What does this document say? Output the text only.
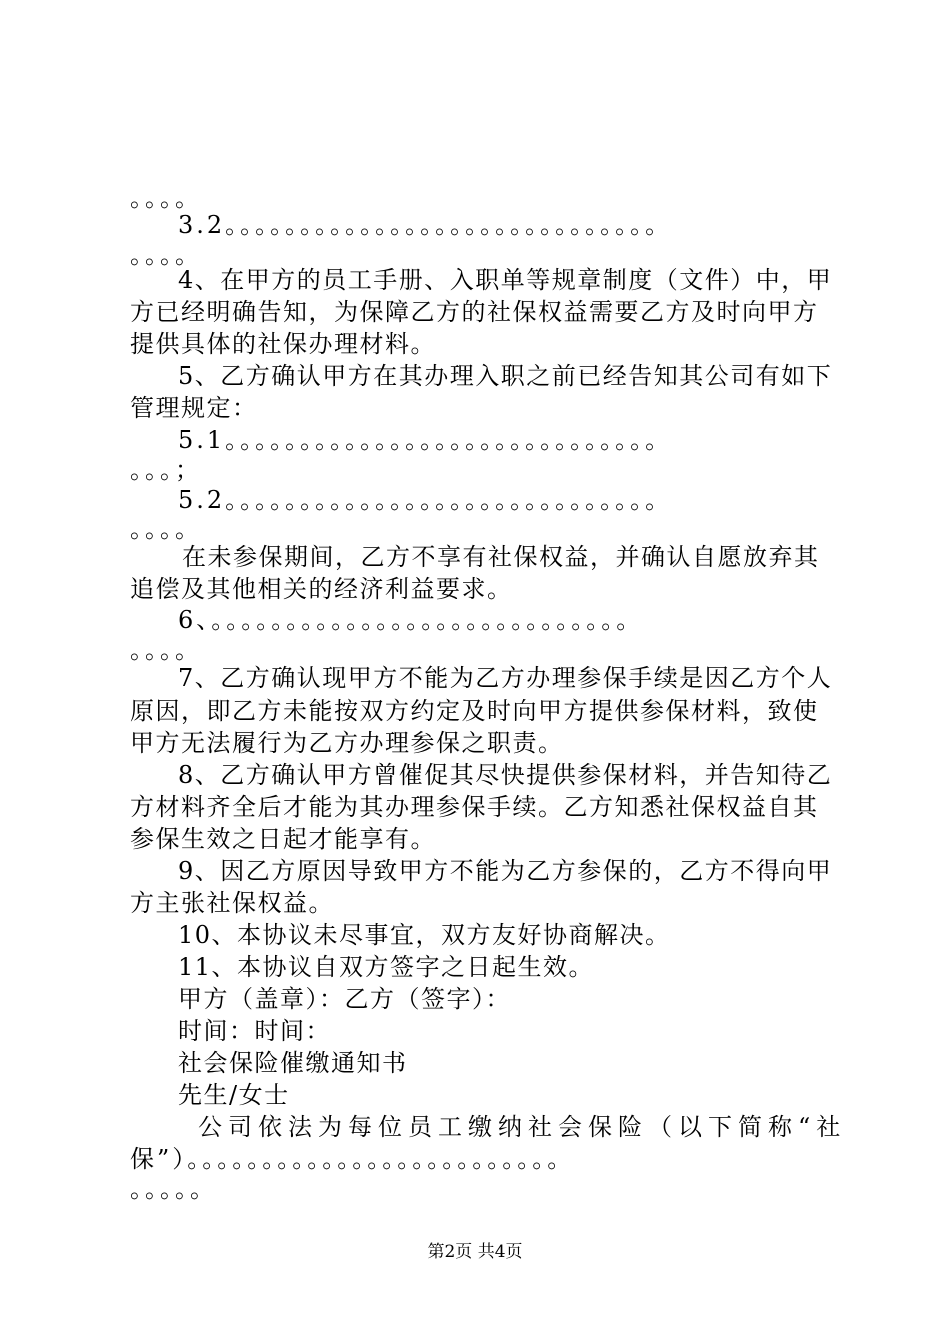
。。。。
3.2。。。。。。。。。。。。。。。。。。。。。。。。。。。。。
。。。。
4、在甲方的员工手册、入职单等规章制度（文件）中，甲
方已经明确告知，为保障乙方的社保权益需要乙方及时向甲方
提供具体的社保办理材料。
5、乙方确认甲方在其办理入职之前已经告知其公司有如下
管理规定：
5.1。。。。。。。。。。。。。。。。。。。。。。。。。。。。。
。。。；
5.2。。。。。。。。。。。。。。。。。。。。。。。。。。。。。
。。。。
在未参保期间，乙方不享有社保权益，并确认自愿放弃其
追偿及其他相关的经济利益要求。
6、。。。。。。。。。。。。。。。。。。。。。。。。。。。。
。。。。
7、乙方确认现甲方不能为乙方办理参保手续是因乙方个人
原因，即乙方未能按双方约定及时向甲方提供参保材料，致使
甲方无法履行为乙方办理参保之职责。
8、乙方确认甲方曾催促其尽快提供参保材料，并告知待乙
方材料齐全后才能为其办理参保手续。乙方知悉社保权益自其
参保生效之日起才能享有。
9、因乙方原因导致甲方不能为乙方参保的，乙方不得向甲
方主张社保权益。
10、本协议未尽事宜，双方友好协商解决。
11、本协议自双方签字之日起生效。
甲方（盖章）：乙方（签字）：
时间：时间：
社会保险催缴通知书
先生/女士
公司依法为每位员工缴纳社会保险（以下简称“社
保”）。。。。。。。。。。。。。。。。。。。。。。。。。
。。。。。
第2页 共4页
